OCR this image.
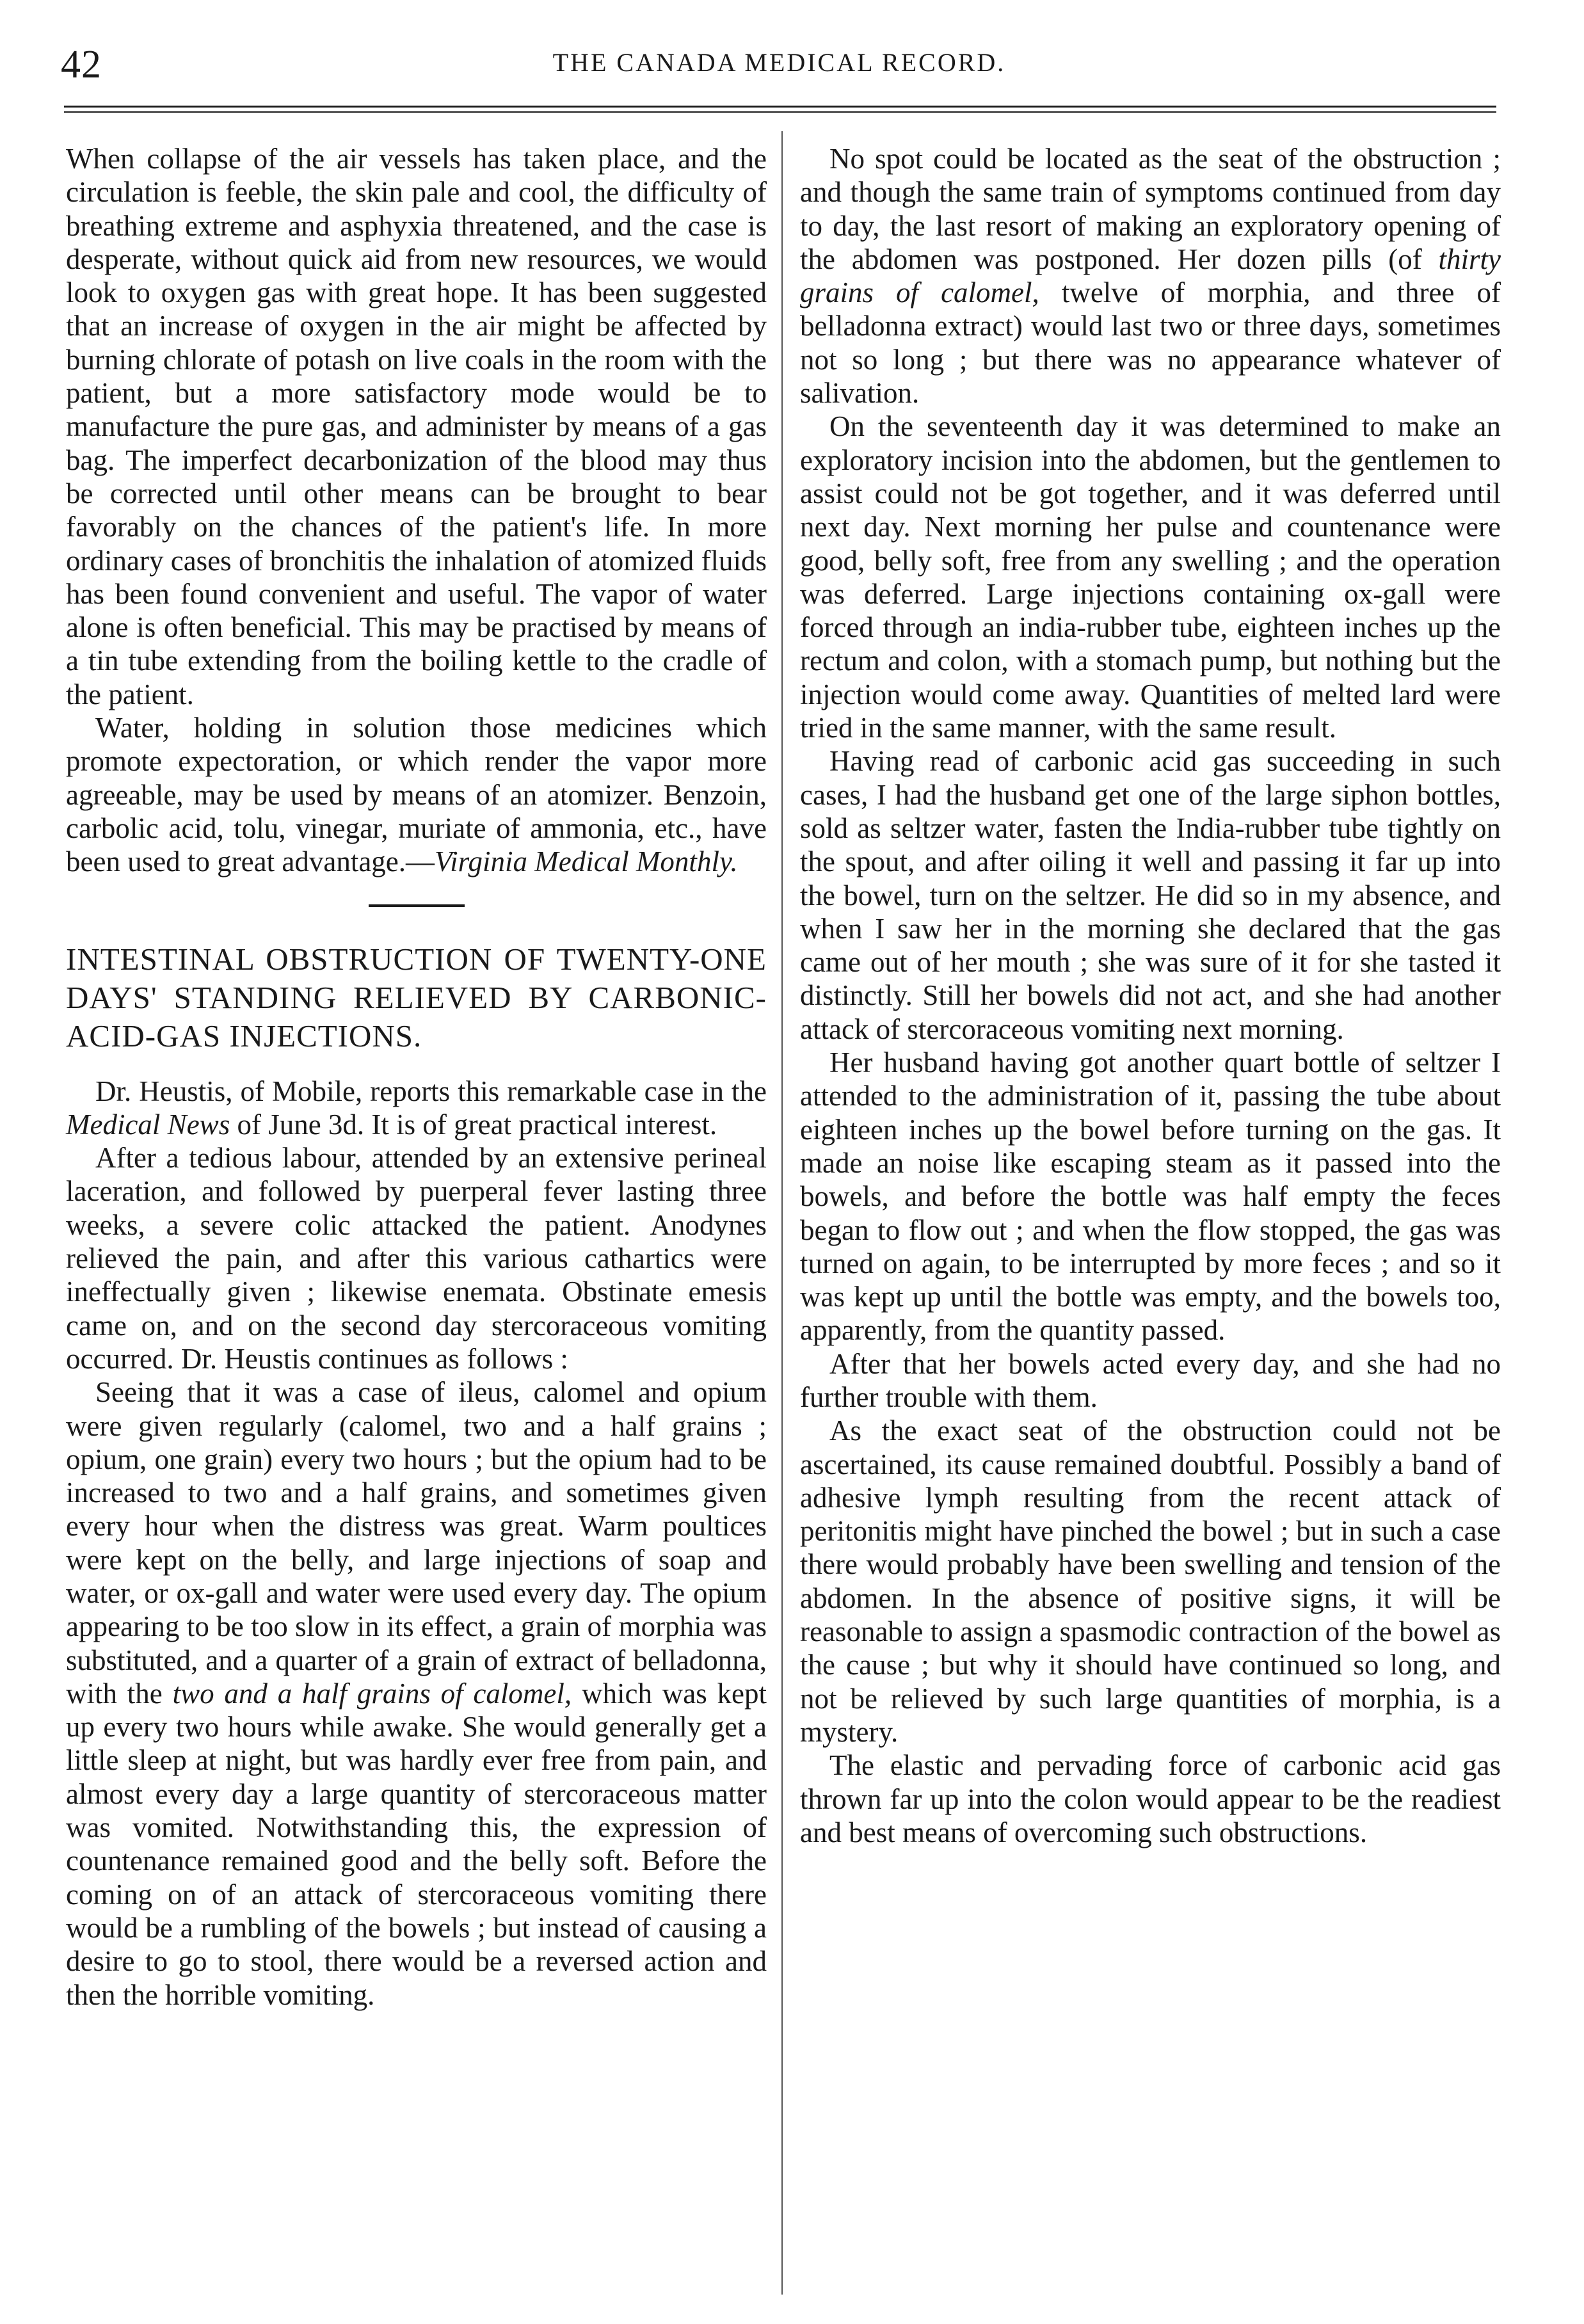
42	THE CANADA MEDICAL RECORD.

When collapse of the air vessels has taken place, and the circulation is feeble, the skin pale and cool, the difficulty of breathing extreme and asphyxia threatened, and the case is desperate, without quick aid from new resources, we would look to oxygen gas with great hope. It has been suggested that an increase of oxygen in the air might be affected by burning chlorate of potash on live coals in the room with the patient, but a more satisfactory mode would be to manufacture the pure gas, and administer by means of a gas bag. The imperfect decarbonization of the blood may thus be corrected until other means can be brought to bear favorably on the chances of the patient's life. In more ordinary cases of bronchitis the inhalation of atomized fluids has been found convenient and useful. The vapor of water alone is often beneficial. This may be practised by means of a tin tube extending from the boiling kettle to the cradle of the patient.

Water, holding in solution those medicines which promote expectoration, or which render the vapor more agreeable, may be used by means of an atomizer. Benzoin, carbolic acid, tolu, vinegar, muriate of ammonia, etc., have been used to great advantage.—Virginia Medical Monthly.

INTESTINAL OBSTRUCTION OF TWENTY-ONE DAYS' STANDING RELIEVED BY CARBONIC-ACID-GAS INJECTIONS.

Dr. Heustis, of Mobile, reports this remarkable case in the Medical News of June 3d. It is of great practical interest.

After a tedious labour, attended by an extensive perineal laceration, and followed by puerperal fever lasting three weeks, a severe colic attacked the patient. Anodynes relieved the pain, and after this various cathartics were ineffectually given ; likewise enemata. Obstinate emesis came on, and on the second day stercoraceous vomiting occurred. Dr. Heustis continues as follows :

Seeing that it was a case of ileus, calomel and opium were given regularly (calomel, two and a half grains ; opium, one grain) every two hours ; but the opium had to be increased to two and a half grains, and sometimes given every hour when the distress was great. Warm poultices were kept on the belly, and large injections of soap and water, or ox-gall and water were used every day. The opium appearing to be too slow in its effect, a grain of morphia was substituted, and a quarter of a grain of extract of belladonna, with the two and a half grains of calomel, which was kept up every two hours while awake. She would generally get a little sleep at night, but was hardly ever free from pain, and almost every day a large quantity of stercoraceous matter was vomited. Notwithstanding this, the expression of countenance remained good and the belly soft. Before the coming on of an attack of stercoraceous vomiting there would be a rumbling of the bowels ; but instead of causing a desire to go to stool, there would be a reversed action and then the horrible vomiting.

No spot could be located as the seat of the obstruction ; and though the same train of symptoms continued from day to day, the last resort of making an exploratory opening of the abdomen was postponed. Her dozen pills (of thirty grains of calomel, twelve of morphia, and three of belladonna extract) would last two or three days, sometimes not so long ; but there was no appearance whatever of salivation.

On the seventeenth day it was determined to make an exploratory incision into the abdomen, but the gentlemen to assist could not be got together, and it was deferred until next day. Next morning her pulse and countenance were good, belly soft, free from any swelling ; and the operation was deferred. Large injections containing ox-gall were forced through an india-rubber tube, eighteen inches up the rectum and colon, with a stomach pump, but nothing but the injection would come away. Quantities of melted lard were tried in the same manner, with the same result.

Having read of carbonic acid gas succeeding in such cases, I had the husband get one of the large siphon bottles, sold as seltzer water, fasten the India-rubber tube tightly on the spout, and after oiling it well and passing it far up into the bowel, turn on the seltzer. He did so in my absence, and when I saw her in the morning she declared that the gas came out of her mouth ; she was sure of it for she tasted it distinctly. Still her bowels did not act, and she had another attack of stercoraceous vomiting next morning.

Her husband having got another quart bottle of seltzer I attended to the administration of it, passing the tube about eighteen inches up the bowel before turning on the gas. It made an noise like escaping steam as it passed into the bowels, and before the bottle was half empty the feces began to flow out ; and when the flow stopped, the gas was turned on again, to be interrupted by more feces ; and so it was kept up until the bottle was empty, and the bowels too, apparently, from the quantity passed.

After that her bowels acted every day, and she had no further trouble with them.

As the exact seat of the obstruction could not be ascertained, its cause remained doubtful. Possibly a band of adhesive lymph resulting from the recent attack of peritonitis might have pinched the bowel ; but in such a case there would probably have been swelling and tension of the abdomen. In the absence of positive signs, it will be reasonable to assign a spasmodic contraction of the bowel as the cause ; but why it should have continued so long, and not be relieved by such large quantities of morphia, is a mystery.

The elastic and pervading force of carbonic acid gas thrown far up into the colon would appear to be the readiest and best means of overcoming such obstructions.
